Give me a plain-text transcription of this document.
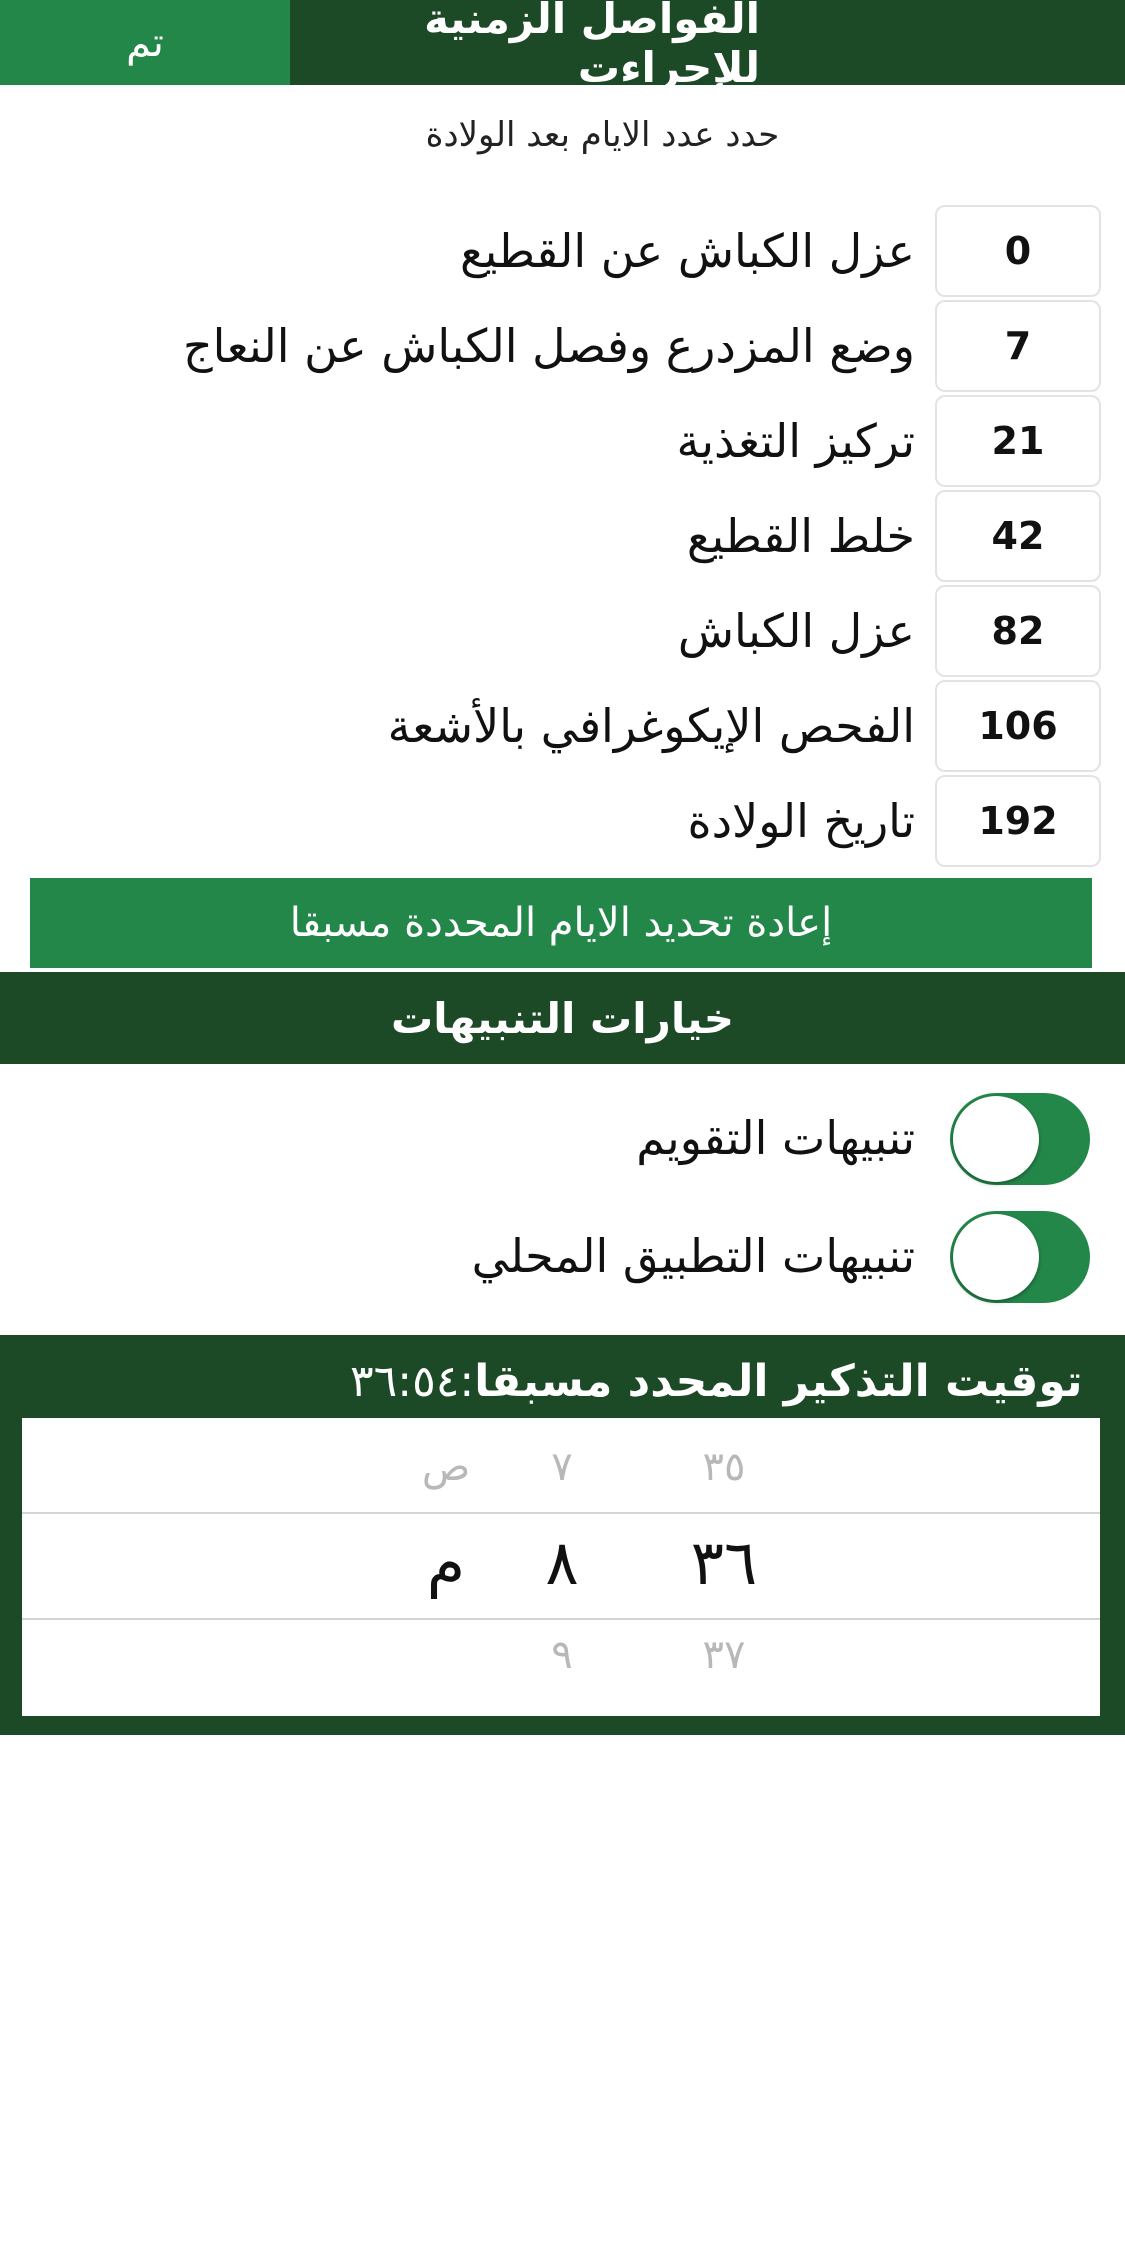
تم	الفواصل الزمنية للإجراءت
حدد عدد الايام بعد الولادة
0
عزل الكباش عن القطيع
7
وضع المزدرع وفصل الكباش عن النعاج
21
تركيز التغذية
42
خلط القطيع
82
عزل الكباش
106
الفحص الإيكوغرافي بالأشعة
192
تاريخ الولادة
إعادة تحديد الايام المحددة مسبقا
خيارات التنبيهات
تنبيهات التقويم
تنبيهات التطبيق المحلي
توقيت التذكير المحدد مسبقا
:٣٦:٥٤
٣٥
٧
ص
٣٦
٨
م
٣٧
٩
